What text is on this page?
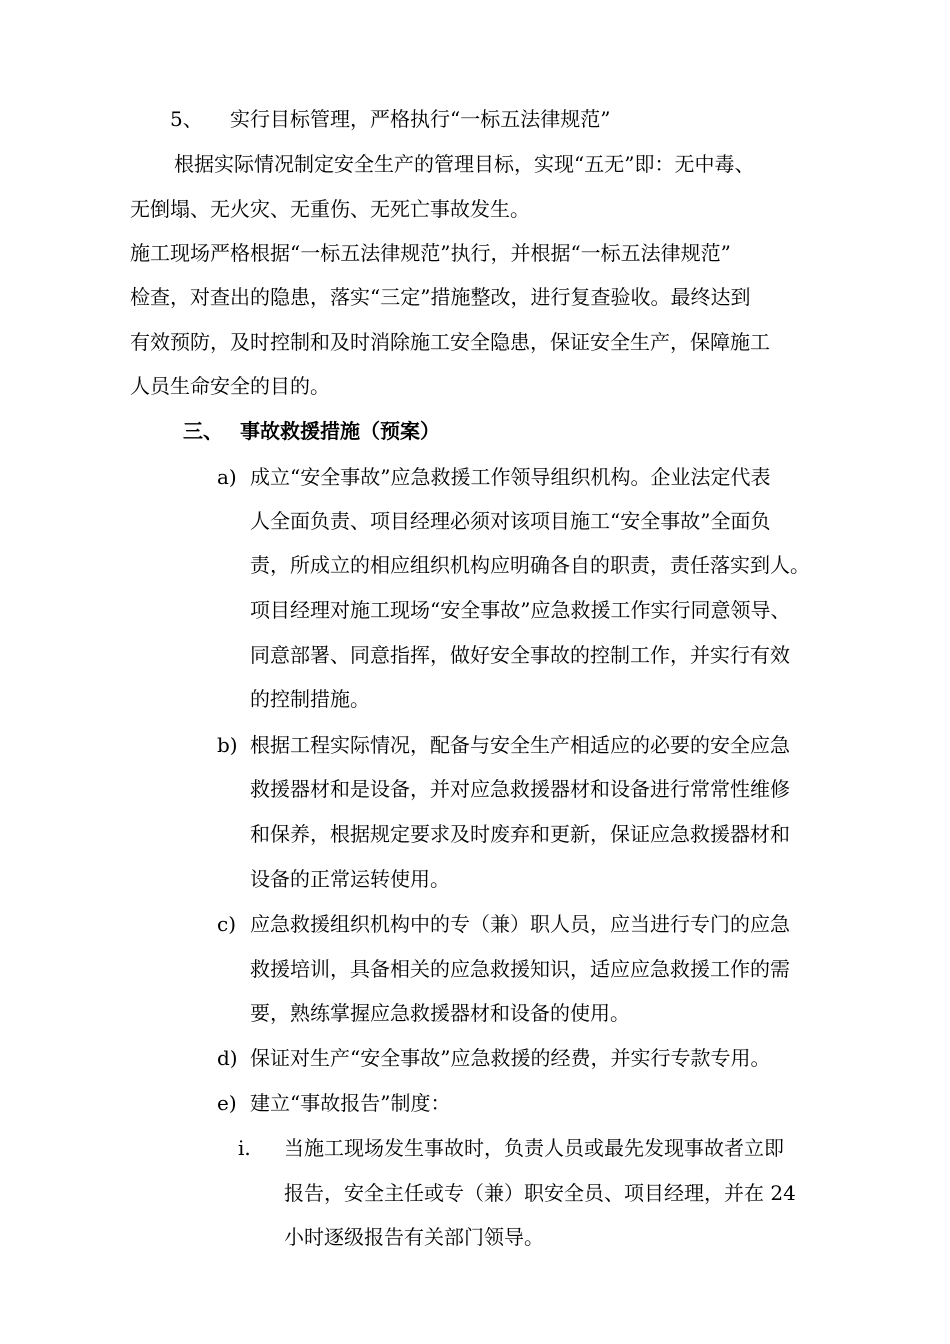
5、 实行目标管理，严格执行“一标五法律规范”
根据实际情况制定安全生产的管理目标，实现“五无”即：无中毒、
无倒塌、无火灾、无重伤、无死亡事故发生。
施工现场严格根据“一标五法律规范”执行，并根据“一标五法律规范”
检查，对查出的隐患，落实“三定”措施整改，进行复查验收。最终达到
有效预防，及时控制和及时消除施工安全隐患，保证安全生产，保障施工
人员生命安全的目的。
三、 事故救援措施（预案）
a) 成立“安全事故”应急救援工作领导组织机构。企业法定代表
人全面负责、项目经理必须对该项目施工“安全事故”全面负
责，所成立的相应组织机构应明确各自的职责，责任落实到人。
项目经理对施工现场“安全事故”应急救援工作实行同意领导、
同意部署、同意指挥，做好安全事故的控制工作，并实行有效
的控制措施。
b) 根据工程实际情况，配备与安全生产相适应的必要的安全应急
救援器材和是设备，并对应急救援器材和设备进行常常性维修
和保养，根据规定要求及时废弃和更新，保证应急救援器材和
设备的正常运转使用。
c) 应急救援组织机构中的专（兼）职人员，应当进行专门的应急
救援培训，具备相关的应急救援知识，适应应急救援工作的需
要，熟练掌握应急救援器材和设备的使用。
d) 保证对生产“安全事故”应急救援的经费，并实行专款专用。
e) 建立“事故报告”制度：
i. 当施工现场发生事故时，负责人员或最先发现事故者立即
报告，安全主任或专（兼）职安全员、项目经理，并在 24
小时逐级报告有关部门领导。
